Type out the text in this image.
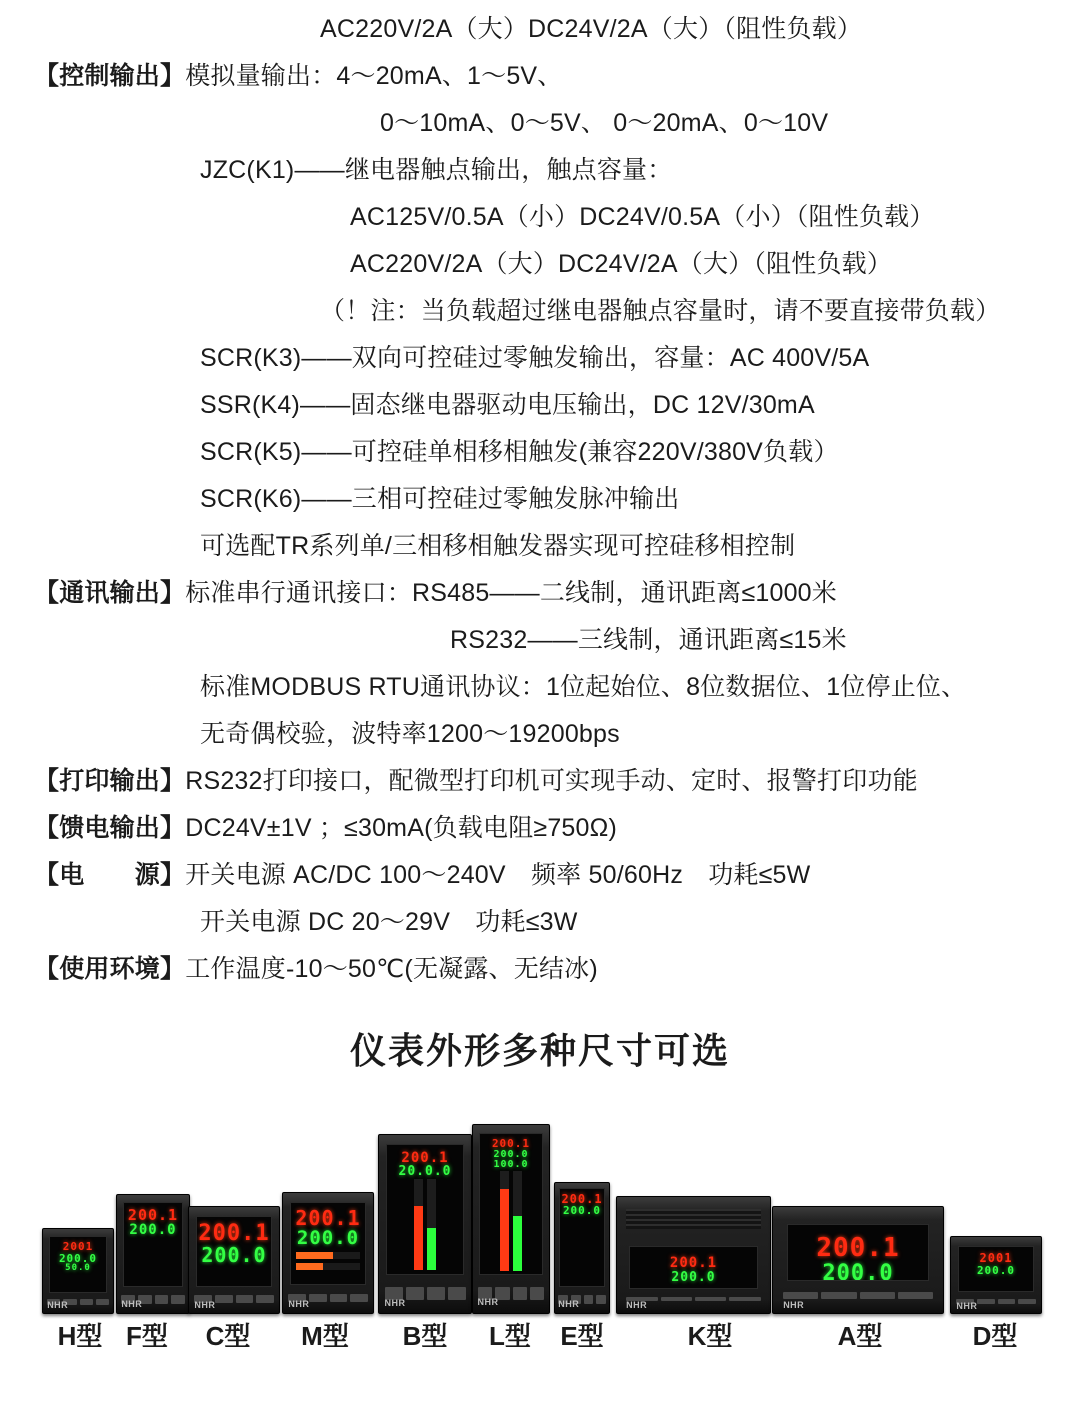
AC220V/2A（大）DC24V/2A（大）（阻性负载）
【控制输出】 模拟量输出：4～20mA、1～5V、
0～10mA、0～5V、 0～20mA、0～10V
JZC(K1)——继电器触点输出，触点容量：
AC125V/0.5A（小）DC24V/0.5A（小）（阻性负载）
AC220V/2A（大）DC24V/2A（大）（阻性负载）
（！注：当负载超过继电器触点容量时，请不要直接带负载）
SCR(K3)——双向可控硅过零触发输出，容量：AC 400V/5A
SSR(K4)——固态继电器驱动电压输出，DC 12V/30mA
SCR(K5)——可控硅单相移相触发(兼容220V/380V负载）
SCR(K6)——三相可控硅过零触发脉冲输出
可选配TR系列单/三相移相触发器实现可控硅移相控制
【通讯输出】 标准串行通讯接口：RS485——二线制，通讯距离≤1000米
RS232——三线制，通讯距离≤15米
标准MODBUS RTU通讯协议：1位起始位、8位数据位、1位停止位、
无奇偶校验，波特率1200～19200bps
【打印输出】 RS232打印接口，配微型打印机可实现手动、定时、报警打印功能
【馈电输出】 DC24V±1V ；≤30mA(负载电阻≥750Ω)
【电　　源】 开关电源 AC/DC 100～240V　频率 50/60Hz　功耗≤5W
开关电源 DC 20～29V　功耗≤3W
【使用环境】 工作温度-10～50℃(无凝露、无结冰)
仪表外形多种尺寸可选
2001
200.0
50.0
NHR
200.1
200.0
NHR
200.1
200.0
NHR
200.1
200.0
NHR
200.1
20.0.0
NHR
200.1
200.0
100.0
NHR
200.1
200.0
NHR
200.1
200.0
NHR
200.1
200.0
NHR
2001
200.0
NHR
H型 F型 C型 M型 B型 L型 E型	K型	A型	D型
